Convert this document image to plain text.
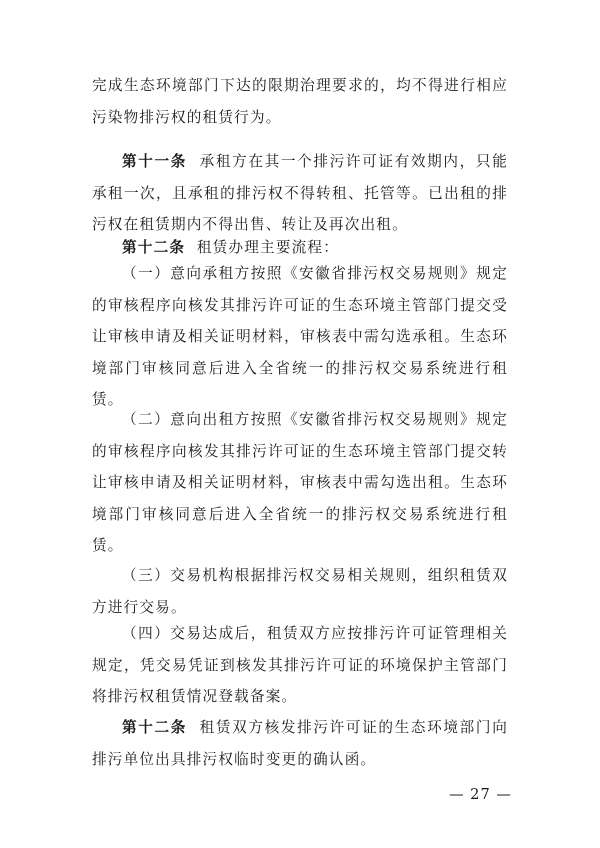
完成生态环境部门下达的限期治理要求的，均不得进行相应污染物排污权的租赁行为。

第十一条 承租方在其一个排污许可证有效期内，只能承租一次，且承租的排污权不得转租、托管等。已出租的排污权在租赁期内不得出售、转让及再次出租。

第十二条 租赁办理主要流程：

（一）意向承租方按照《安徽省排污权交易规则》规定的审核程序向核发其排污许可证的生态环境主管部门提交受让审核申请及相关证明材料，审核表中需勾选承租。生态环境部门审核同意后进入全省统一的排污权交易系统进行租赁。

（二）意向出租方按照《安徽省排污权交易规则》规定的审核程序向核发其排污许可证的生态环境主管部门提交转让审核申请及相关证明材料，审核表中需勾选出租。生态环境部门审核同意后进入全省统一的排污权交易系统进行租赁。

（三）交易机构根据排污权交易相关规则，组织租赁双方进行交易。

（四）交易达成后，租赁双方应按排污许可证管理相关规定，凭交易凭证到核发其排污许可证的环境保护主管部门将排污权租赁情况登载备案。

第十二条 租赁双方核发排污许可证的生态环境部门向排污单位出具排污权临时变更的确认函。

— 27 —
